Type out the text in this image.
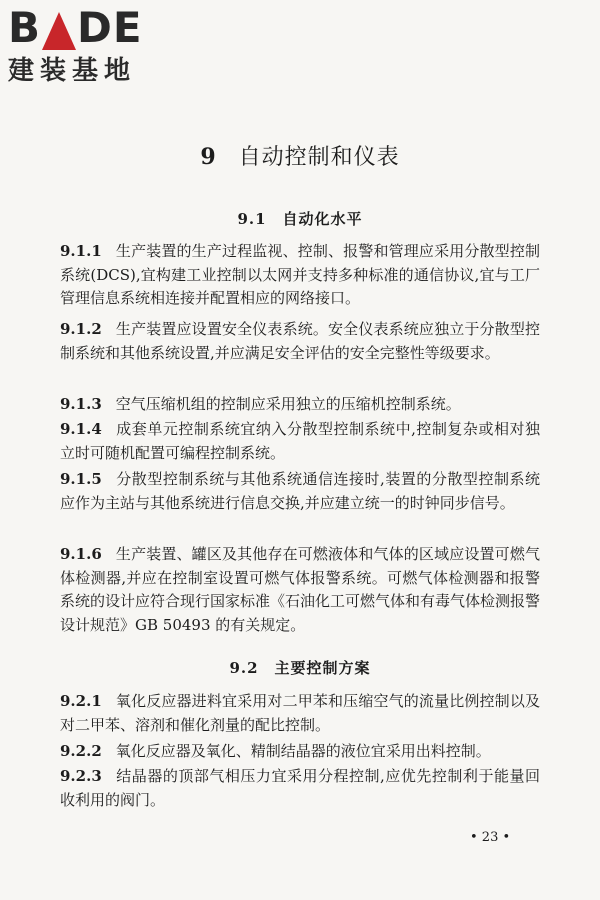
B DE
建装基地
9 自动控制和仪表
9.1 自动化水平
9.1.1 生产装置的生产过程监视、控制、报警和管理应采用分散型控制系统(DCS),宜构建工业控制以太网并支持多种标准的通信协议,宜与工厂管理信息系统相连接并配置相应的网络接口。
9.1.2 生产装置应设置安全仪表系统。安全仪表系统应独立于分散型控制系统和其他系统设置,并应满足安全评估的安全完整性等级要求。
9.1.3 空气压缩机组的控制应采用独立的压缩机控制系统。
9.1.4 成套单元控制系统宜纳入分散型控制系统中,控制复杂或相对独立时可随机配置可编程控制系统。
9.1.5 分散型控制系统与其他系统通信连接时,装置的分散型控制系统应作为主站与其他系统进行信息交换,并应建立统一的时钟同步信号。
9.1.6 生产装置、罐区及其他存在可燃液体和气体的区域应设置可燃气体检测器,并应在控制室设置可燃气体报警系统。可燃气体检测器和报警系统的设计应符合现行国家标准《石油化工可燃气体和有毒气体检测报警设计规范》GB 50493 的有关规定。
9.2 主要控制方案
9.2.1 氧化反应器进料宜采用对二甲苯和压缩空气的流量比例控制以及对二甲苯、溶剂和催化剂量的配比控制。
9.2.2 氧化反应器及氧化、精制结晶器的液位宜采用出料控制。
9.2.3 结晶器的顶部气相压力宜采用分程控制,应优先控制利于能量回收利用的阀门。
• 23 •
